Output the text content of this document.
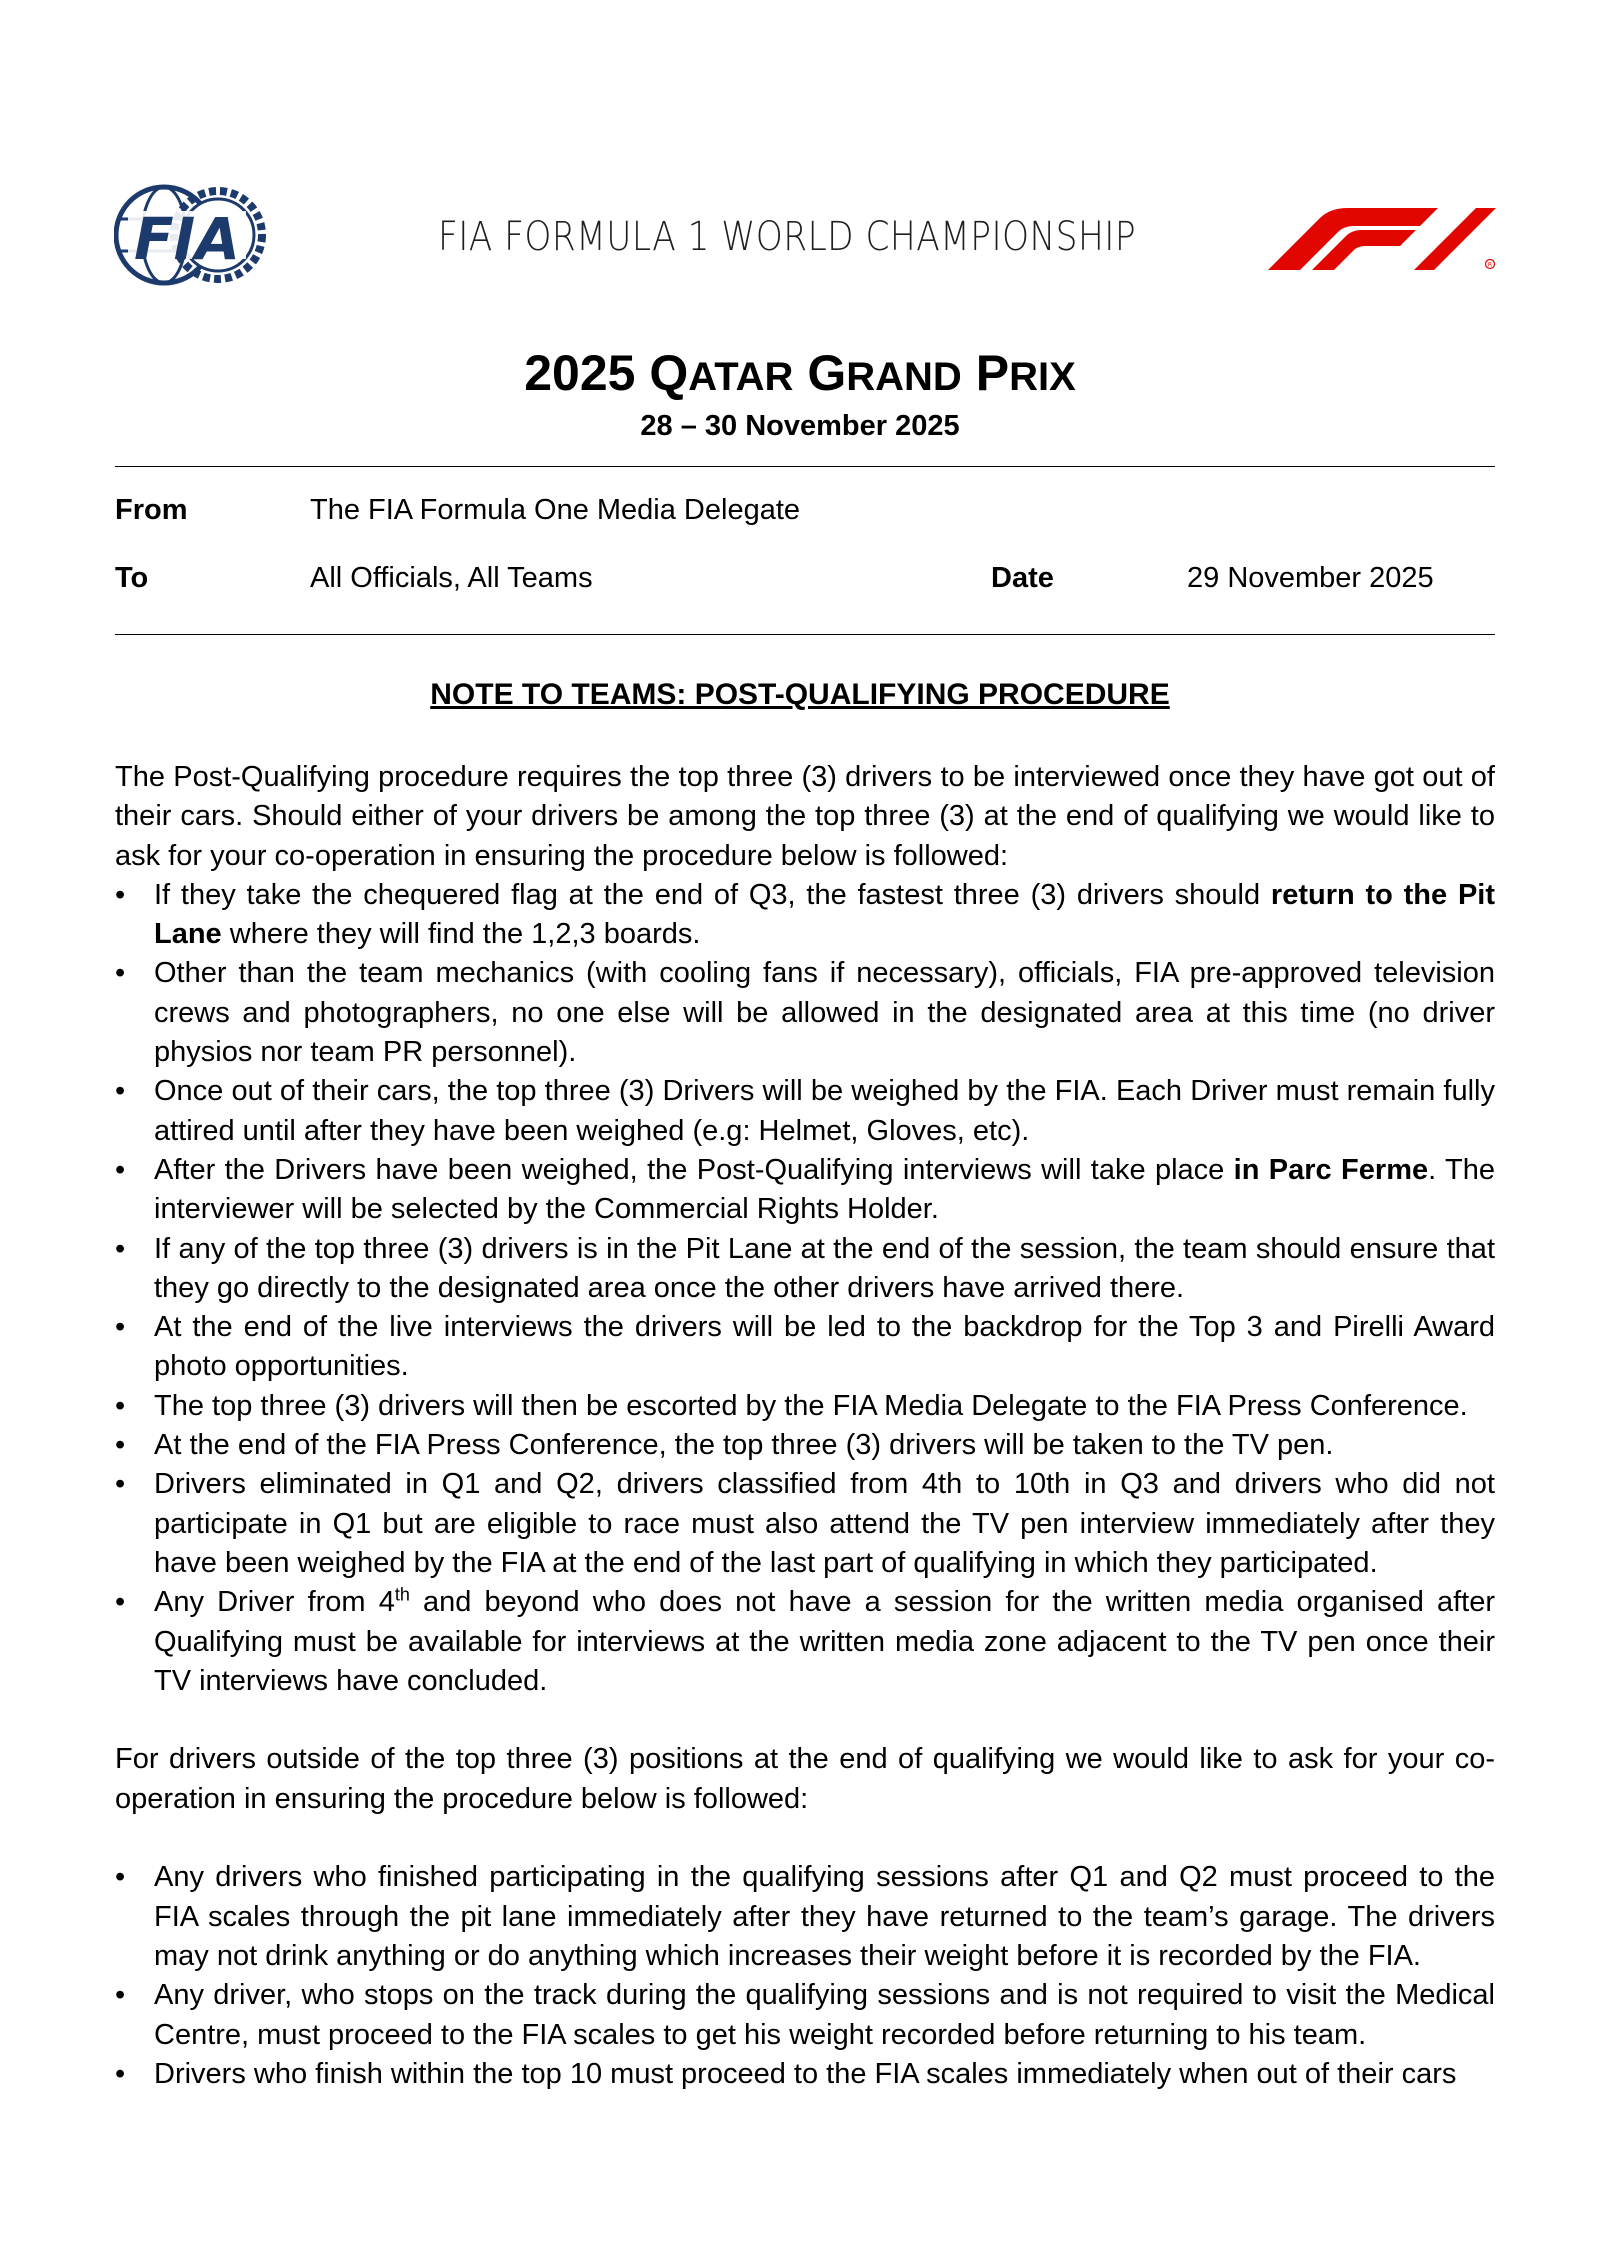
FIA	FIA FORMULA 1 WORLD CHAMPIONSHIP
R
2025 QATAR GRAND PRIX
28 – 30 November 2025
From	The FIA Formula One Media Delegate
To	All Officials, All Teams	Date	29 November 2025
NOTE TO TEAMS: POST-QUALIFYING PROCEDURE

The Post-Qualifying procedure requires the top three (3) drivers to be interviewed once they have got out of their cars. Should either of your drivers be among the top three (3) at the end of qualifying we would like to ask for your co-operation in ensuring the procedure below is followed:

• If they take the chequered flag at the end of Q3, the fastest three (3) drivers should return to the Pit Lane where they will find the 1,2,3 boards.
• Other than the team mechanics (with cooling fans if necessary), officials, FIA pre-approved television crews and photographers, no one else will be allowed in the designated area at this time (no driver physios nor team PR personnel).
• Once out of their cars, the top three (3) Drivers will be weighed by the FIA. Each Driver must remain fully attired until after they have been weighed (e.g: Helmet, Gloves, etc).
• After the Drivers have been weighed, the Post-Qualifying interviews will take place in Parc Ferme. The interviewer will be selected by the Commercial Rights Holder.
• If any of the top three (3) drivers is in the Pit Lane at the end of the session, the team should ensure that they go directly to the designated area once the other drivers have arrived there.
• At the end of the live interviews the drivers will be led to the backdrop for the Top 3 and Pirelli Award photo opportunities.
• The top three (3) drivers will then be escorted by the FIA Media Delegate to the FIA Press Conference.
• At the end of the FIA Press Conference, the top three (3) drivers will be taken to the TV pen.
• Drivers eliminated in Q1 and Q2, drivers classified from 4th to 10th in Q3 and drivers who did not participate in Q1 but are eligible to race must also attend the TV pen interview immediately after they have been weighed by the FIA at the end of the last part of qualifying in which they participated.
• Any Driver from 4th and beyond who does not have a session for the written media organised after Qualifying must be available for interviews at the written media zone adjacent to the TV pen once their TV interviews have concluded.

For drivers outside of the top three (3) positions at the end of qualifying we would like to ask for your co-operation in ensuring the procedure below is followed:

• Any drivers who finished participating in the qualifying sessions after Q1 and Q2 must proceed to the FIA scales through the pit lane immediately after they have returned to the team’s garage. The drivers may not drink anything or do anything which increases their weight before it is recorded by the FIA.
• Any driver, who stops on the track during the qualifying sessions and is not required to visit the Medical Centre, must proceed to the FIA scales to get his weight recorded before returning to his team.
• Drivers who finish within the top 10 must proceed to the FIA scales immediately when out of their cars
